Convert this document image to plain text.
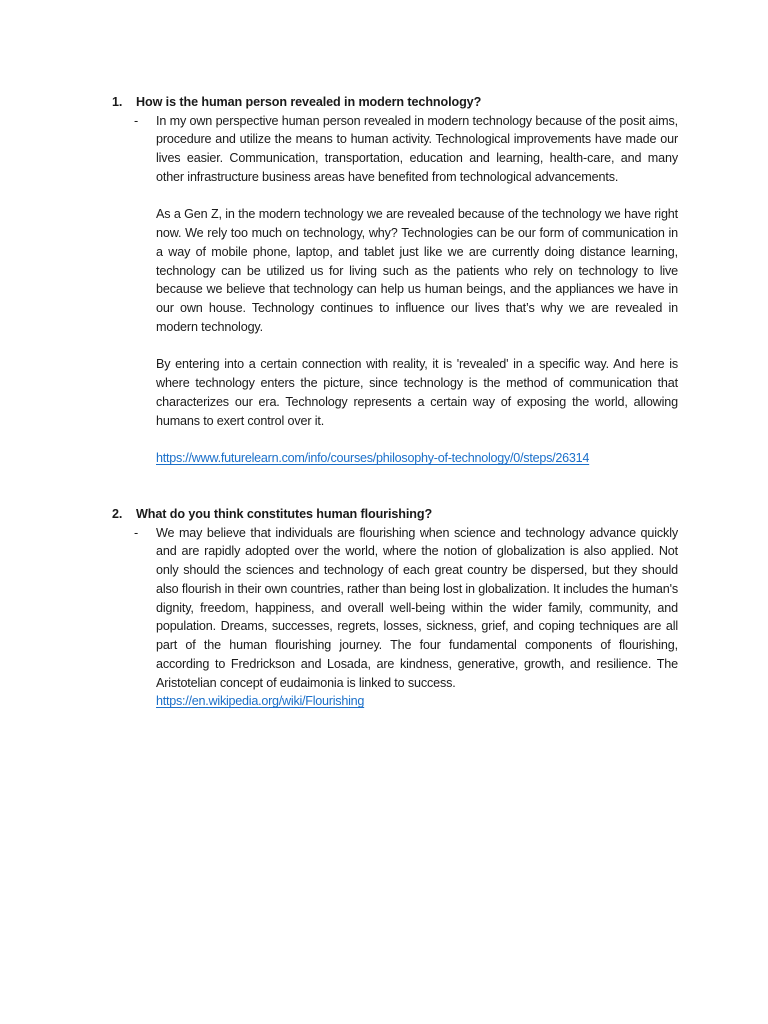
1.	How is the human person revealed in modern technology?
-	In my own perspective human person revealed in modern technology because of the posit aims, procedure and utilize the means to human activity. Technological improvements have made our lives easier. Communication, transportation, education and learning, health-care, and many other infrastructure business areas have benefited from technological advancements.

As a Gen Z, in the modern technology we are revealed because of the technology we have right now. We rely too much on technology, why? Technologies can be our form of communication in a way of mobile phone, laptop, and tablet just like we are currently doing distance learning, technology can be utilized us for living such as the patients who rely on technology to live because we believe that technology can help us human beings, and the appliances we have in our own house. Technology continues to influence our lives that’s why we are revealed in modern technology.

By entering into a certain connection with reality, it is 'revealed' in a specific way. And here is where technology enters the picture, since technology is the method of communication that characterizes our era. Technology represents a certain way of exposing the world, allowing humans to exert control over it.

https://www.futurelearn.com/info/courses/philosophy-of-technology/0/steps/26314

2.	What do you think constitutes human flourishing?
-	We may believe that individuals are flourishing when science and technology advance quickly and are rapidly adopted over the world, where the notion of globalization is also applied. Not only should the sciences and technology of each great country be dispersed, but they should also flourish in their own countries, rather than being lost in globalization. It includes the human's dignity, freedom, happiness, and overall well-being within the wider family, community, and population. Dreams, successes, regrets, losses, sickness, grief, and coping techniques are all part of the human flourishing journey. The four fundamental components of flourishing, according to Fredrickson and Losada, are kindness, generative, growth, and resilience. The Aristotelian concept of eudaimonia is linked to success.

https://en.wikipedia.org/wiki/Flourishing
